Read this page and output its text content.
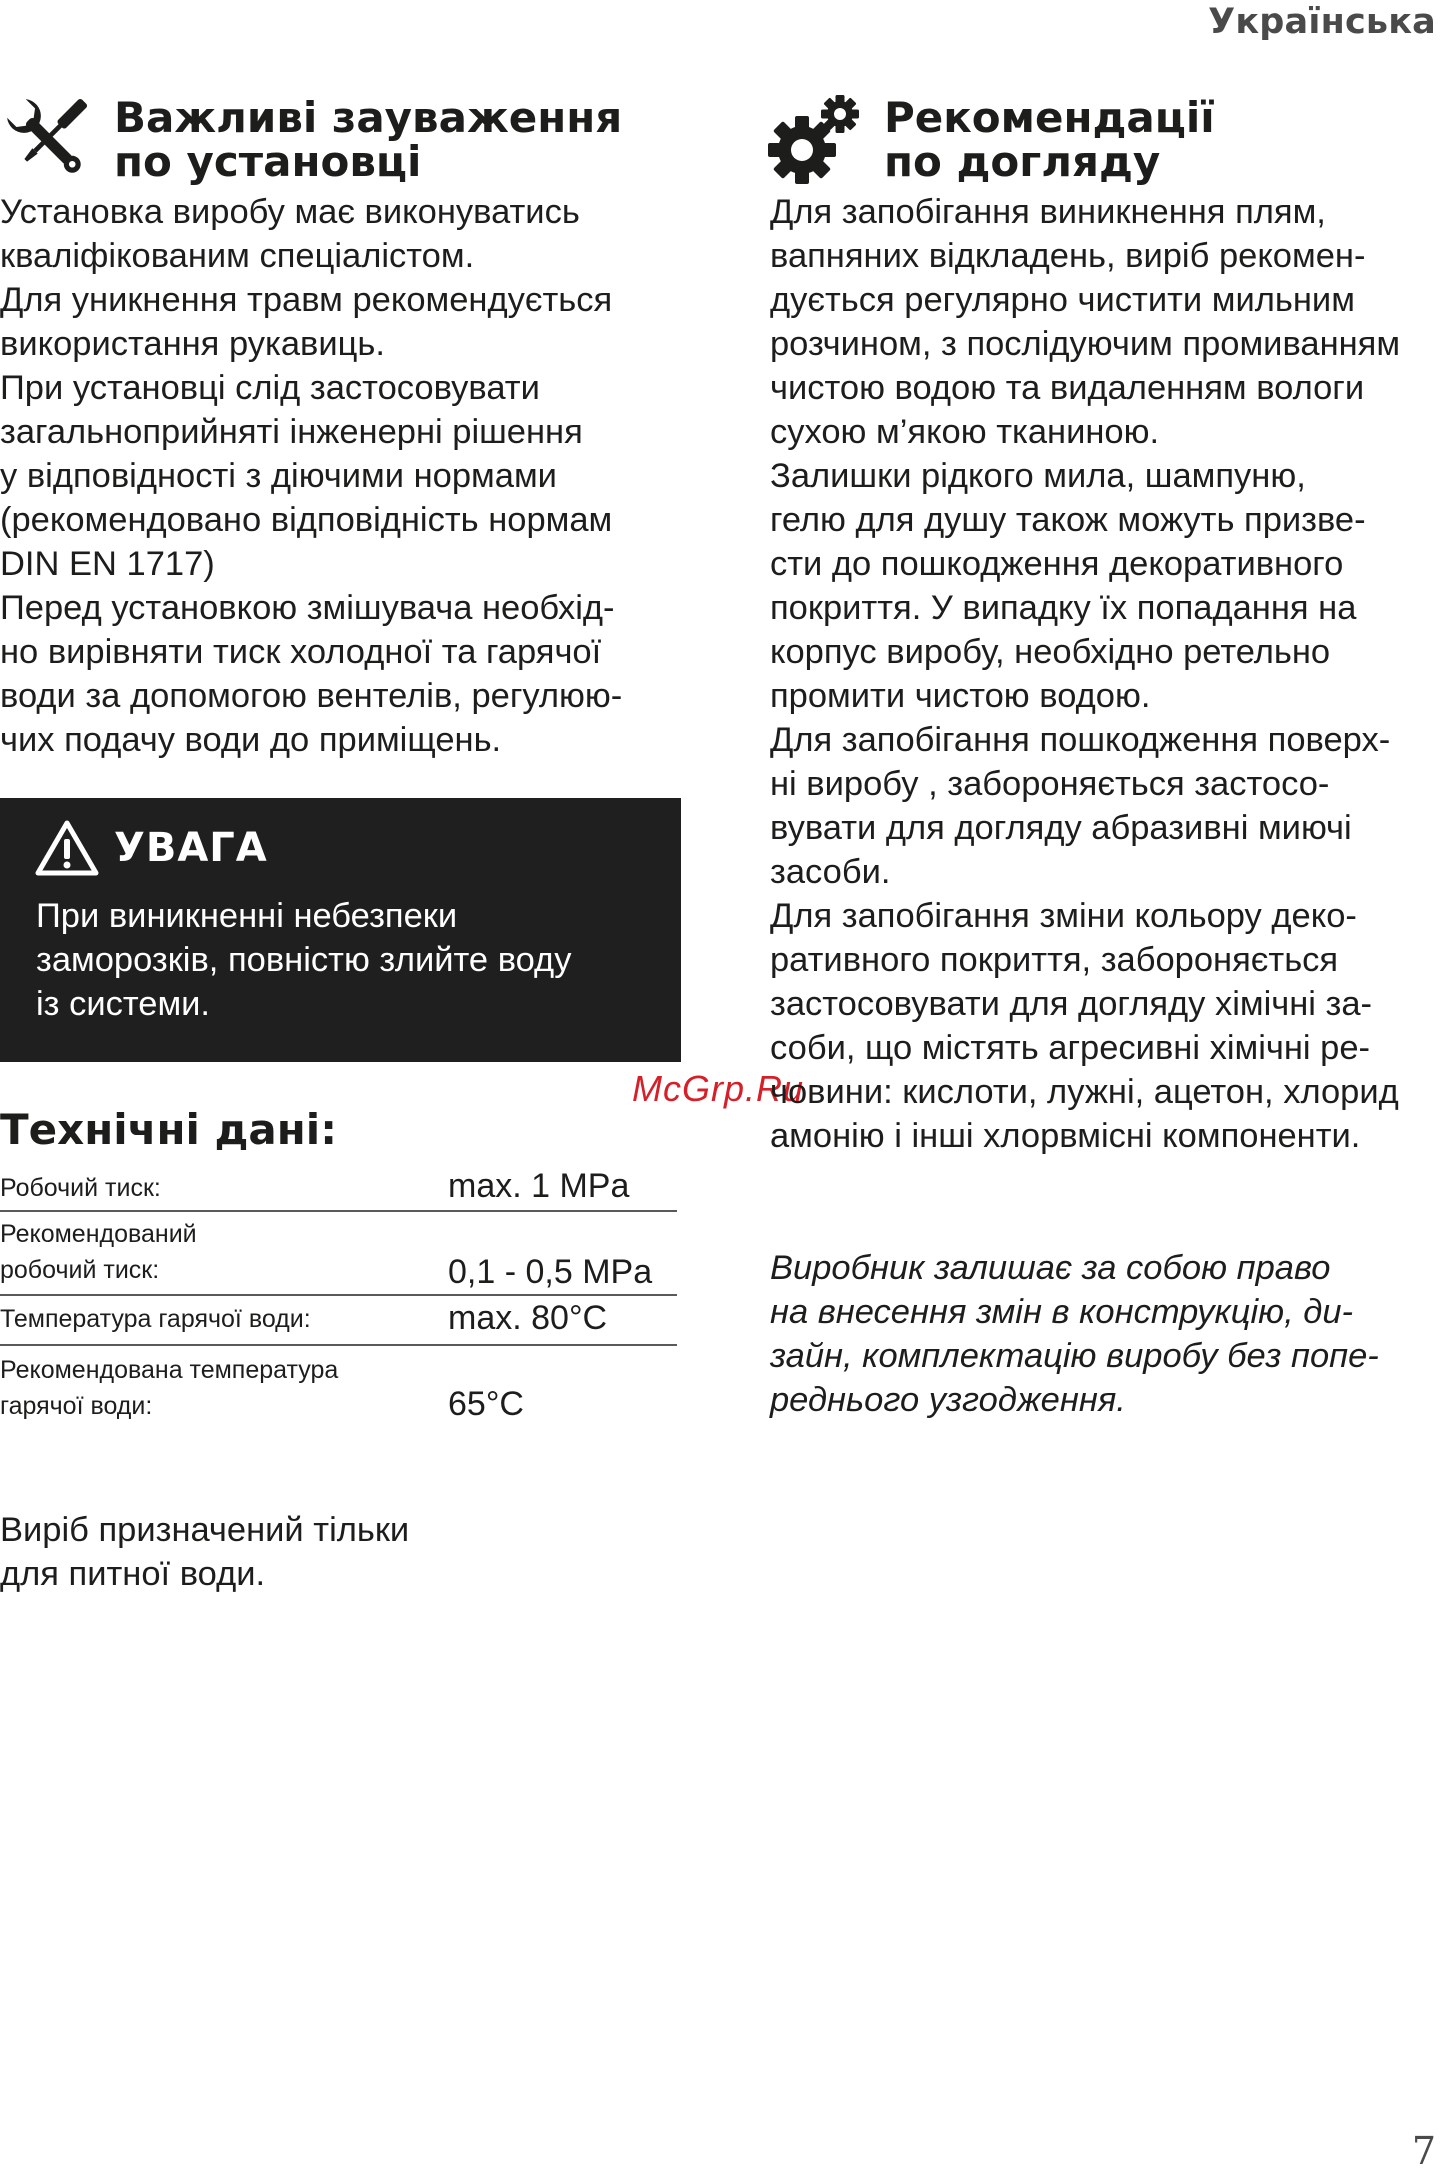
Українська
Важливі зауваження
по установці
Установка виробу має виконуватись
кваліфікованим спеціалістом.
Для уникнення травм рекомендується
використання рукавиць.
При установці слід застосовувати
загальноприйняті інженерні рішення
у відповідності з діючими нормами
(рекомендовано відповідність нормам
DIN EN 1717)
Перед установкою змішувача необхід-
но вирівняти тиск холодної та гарячої
води за допомогою вентелів, регулюю-
чих подачу води до приміщень.
УВАГА
При виникненні небезпеки
заморозків, повністю злийте воду
із системи.
McGrp.Ru
Технічні дані:
Робочий тиск:	max. 1 MPa
Рекомендований
робочий тиск:	0,1 - 0,5 MPa
Температура гарячої води:	max. 80°C
Рекомендована температура
гарячої води:	65°C
Виріб призначений тільки
для питної води.
Рекомендації
по догляду
Для запобігання виникнення плям,
вапняних відкладень, виріб рекомен-
дується регулярно чистити мильним
розчином, з послідуючим промиванням
чистою водою та видаленням вологи
сухою м’якою тканиною.
Залишки рідкого мила, шампуню,
гелю для душу також можуть призве-
сти до пошкодження декоративного
покриття. У випадку їх попадання на
корпус виробу, необхідно ретельно
промити чистою водою.
Для запобігання пошкодження поверх-
ні виробу , забороняється застосо-
вувати для догляду абразивні миючі
засоби.
Для запобігання зміни кольору деко-
ративного покриття, забороняється
застосовувати для догляду хімічні за-
соби, що містять агресивні хімічні ре-
човини: кислоти, лужні, ацетон, хлорид
амонію і інші хлорвмісні компоненти.
Виробник залишає за собою право
на внесення змін в конструкцію, ди-
зайн, комплектацію виробу без попе-
реднього узгодження.
7
